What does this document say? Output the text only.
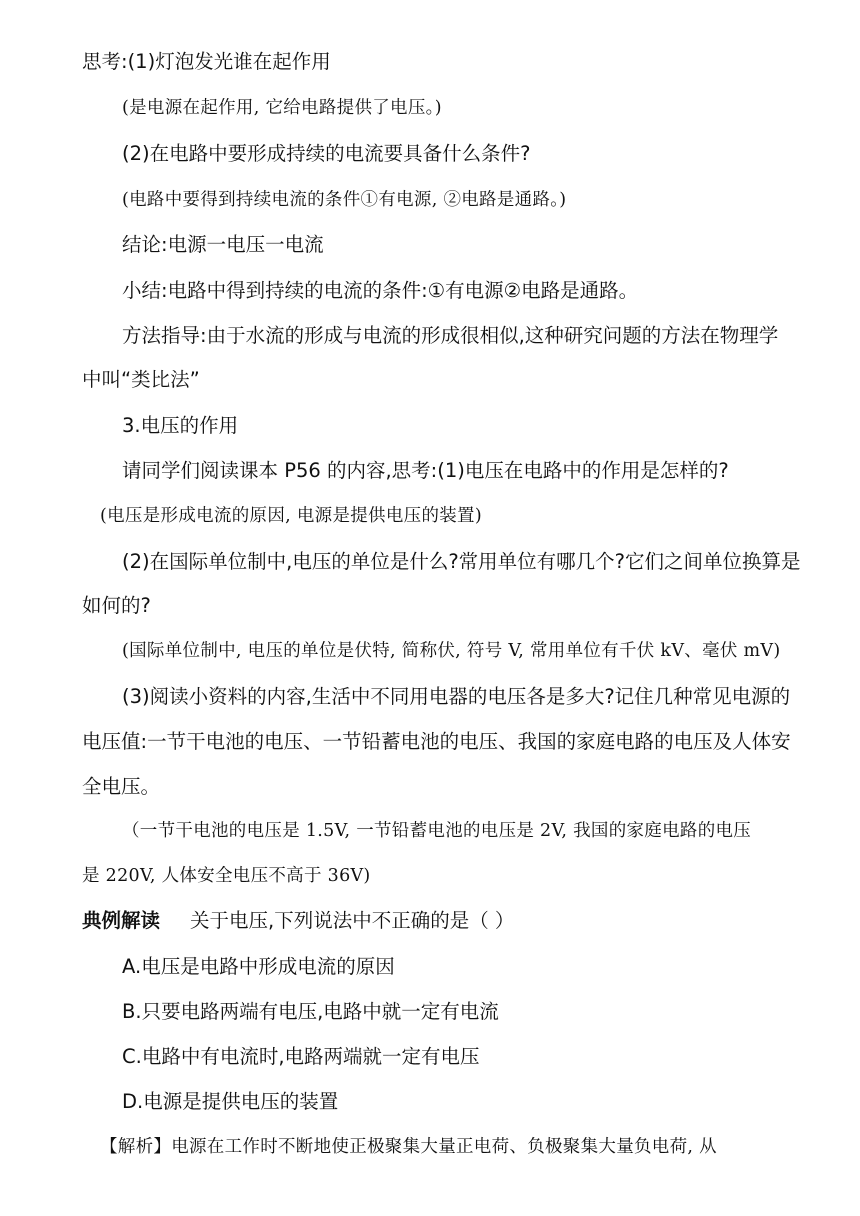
思考:(1)灯泡发光谁在起作用
(是电源在起作用, 它给电路提供了电压。)
(2)在电路中要形成持续的电流要具备什么条件?
(电路中要得到持续电流的条件①有电源, ②电路是通路。)
结论:电源一电压一电流
小结:电路中得到持续的电流的条件:①有电源②电路是通路。
方法指导:由于水流的形成与电流的形成很相似,这种研究问题的方法在物理学
中叫“类比法”
3.电压的作用
请同学们阅读课本 P56 的内容,思考:(1)电压在电路中的作用是怎样的?
(电压是形成电流的原因, 电源是提供电压的装置)
(2)在国际单位制中,电压的单位是什么?常用单位有哪几个?它们之间单位换算是
如何的?
(国际单位制中, 电压的单位是伏特, 简称伏, 符号 V, 常用单位有千伏 kV、毫伏 mV)
(3)阅读小资料的内容,生活中不同用电器的电压各是多大?记住几种常见电源的
电压值:一节干电池的电压、一节铅蓄电池的电压、我国的家庭电路的电压及人体安
全电压。
（一节干电池的电压是 1.5V, 一节铅蓄电池的电压是 2V, 我国的家庭电路的电压
是 220V, 人体安全电压不高于 36V)
典例解读 关于电压,下列说法中不正确的是（ ）
A.电压是电路中形成电流的原因
B.只要电路两端有电压,电路中就一定有电流
C.电路中有电流时,电路两端就一定有电压
D.电源是提供电压的装置
【解析】电源在工作时不断地使正极聚集大量正电荷、负极聚集大量负电荷, 从
